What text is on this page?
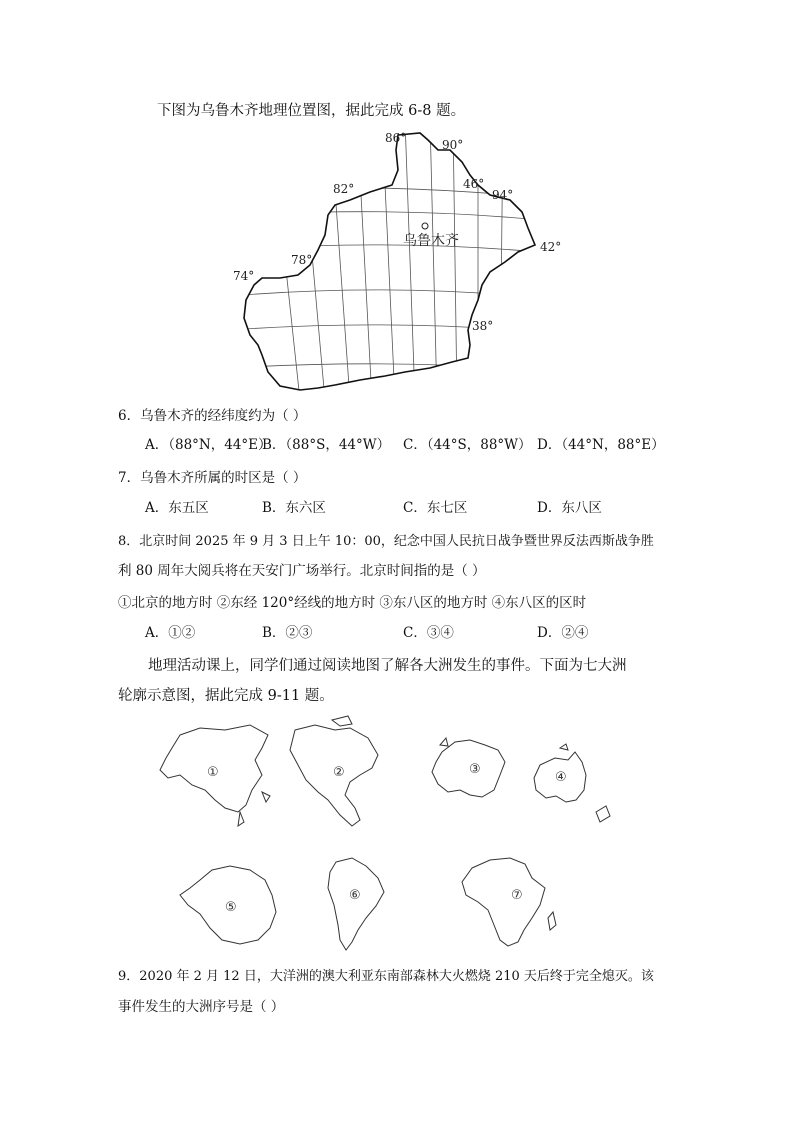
下图为乌鲁木齐地理位置图，据此完成 6-8 题。
乌鲁木齐
86°	90°
82°	94°
78°
74°
46°
42°
38°
①	②	③
④
⑤
⑥	⑦
6．乌鲁木齐的经纬度约为（ ）
A．（88°N，44°E）
B．（88°S，44°W） C．（44°S，88°W） D．（44°N，88°E）
7．乌鲁木齐所属的时区是（ ）
A．东五区	B．东六区	C．东七区	D．东八区
8．北京时间 2025 年 9 月 3 日上午 10：00，纪念中国人民抗日战争暨世界反法西斯战争胜
利 80 周年大阅兵将在天安门广场举行。北京时间指的是（ ）
①北京的地方时 ②东经 120°经线的地方时 ③东八区的地方时 ④东八区的区时
A．①②	B．②③	C．③④	D．②④
地理活动课上，同学们通过阅读地图了解各大洲发生的事件。下面为七大洲
轮廓示意图，据此完成 9-11 题。
9．2020 年 2 月 12 日，大洋洲的澳大利亚东南部森林大火燃烧 210 天后终于完全熄灭。该
事件发生的大洲序号是（ ）
